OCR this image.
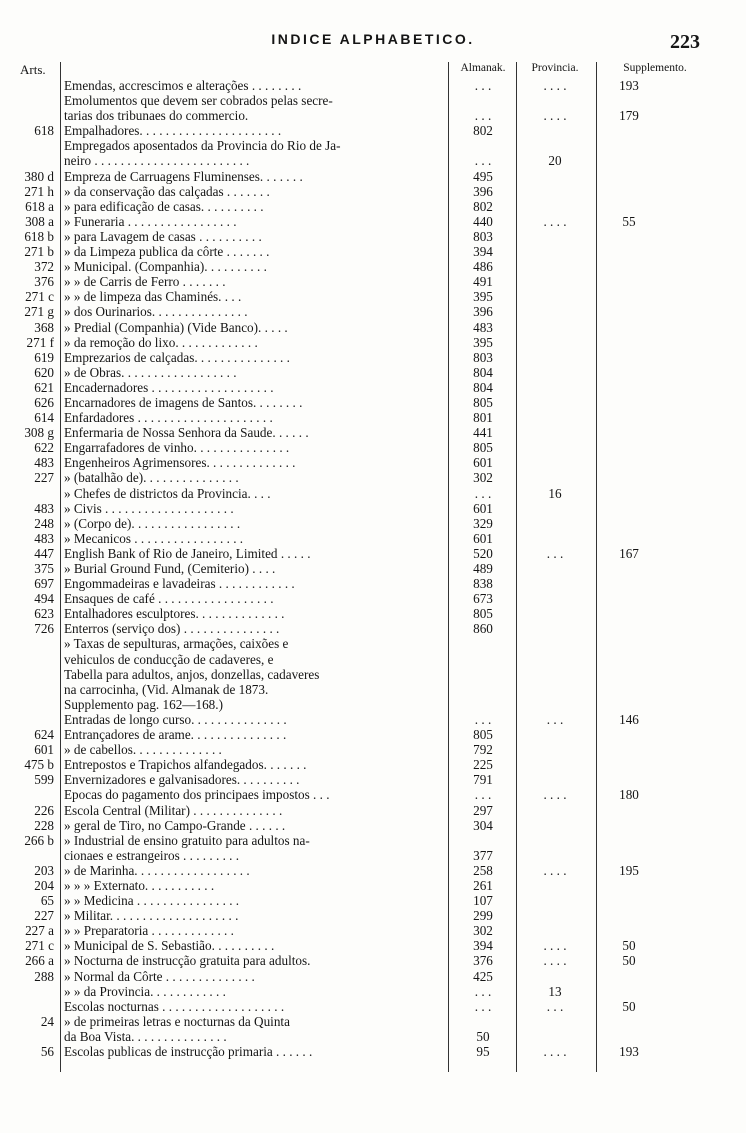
INDICE ALPHABETICO.	223
Arts.	Almanak.	Provincia.	Supplemento.
Emendas, accrescimos e alterações . . . . . . . .	. . .	. . . .	193
Emolumentos que devem ser cobrados pelas secre-
tarias dos tribunaes do commercio.	. . .	. . . .	179
618 Empalhadores. . . . . . . . . . . . . . . . . . . . . .	802
Empregados aposentados da Provincia do Rio de Ja-
neiro . . . . . . . . . . . . . . . . . . . . . . . .	. . .	20
380 d Empreza de Carruagens Fluminenses. . . . . . .	495
271 h » da conservação das calçadas . . . . . . .	396
618 a » para edificação de casas. . . . . . . . . .	802
308 a » Funeraria . . . . . . . . . . . . . . . . .	440	. . . .	55
618 b » para Lavagem de casas . . . . . . . . . .	803
271 b » da Limpeza publica da côrte . . . . . . .	394
372 » Municipal. (Companhia). . . . . . . . . .	486
376 » » de Carris de Ferro . . . . . . .	491
271 c » » de limpeza das Chaminés. . . .	395
271 g » dos Ourinarios. . . . . . . . . . . . . . .	396
368 » Predial (Companhia) (Vide Banco). . . . .	483
271 f » da remoção do lixo. . . . . . . . . . . . .	395
619 Emprezarios de calçadas. . . . . . . . . . . . . . .	803
620 » de Obras. . . . . . . . . . . . . . . . . .	804
621 Encadernadores . . . . . . . . . . . . . . . . . . .	804
626 Encarnadores de imagens de Santos. . . . . . . .	805
614 Enfardadores . . . . . . . . . . . . . . . . . . . . .	801
308 g Enfermaria de Nossa Senhora da Saude. . . . . .	441
622 Engarrafadores de vinho. . . . . . . . . . . . . . .	805
483 Engenheiros Agrimensores. . . . . . . . . . . . . .	601
227 » (batalhão de). . . . . . . . . . . . . . .	302
» Chefes de districtos da Provincia. . . .	. . .	16
483 » Civis . . . . . . . . . . . . . . . . . . . .	601
248 » (Corpo de). . . . . . . . . . . . . . . . .	329
483 » Mecanicos . . . . . . . . . . . . . . . . .	601
447 English Bank of Rio de Janeiro, Limited . . . . .	520	. . .	167
375 » Burial Ground Fund, (Cemiterio) . . . .	489
697 Engommadeiras e lavadeiras . . . . . . . . . . . .	838
494 Ensaques de café . . . . . . . . . . . . . . . . . .	673
623 Entalhadores esculptores. . . . . . . . . . . . . .	805
726 Enterros (serviço dos) . . . . . . . . . . . . . . .	860
» Taxas de sepulturas, armações, caixões e
vehiculos de conducção de cadaveres, e
Tabella para adultos, anjos, donzellas, cadaveres
na carrocinha, (Vid. Almanak de 1873.
Supplemento pag. 162—168.)
Entradas de longo curso. . . . . . . . . . . . . . .	. . .	. . .	146
624 Entrançadores de arame. . . . . . . . . . . . . . .	805
601 » de cabellos. . . . . . . . . . . . . .	792
475 b Entrepostos e Trapichos alfandegados. . . . . . .	225
599 Envernizadores e galvanisadores. . . . . . . . . .	791
Epocas do pagamento dos principaes impostos . . .	. . .	. . . .	180
226 Escola Central (Militar) . . . . . . . . . . . . . .	297
228 » geral de Tiro, no Campo-Grande . . . . . .	304
266 b » Industrial de ensino gratuito para adultos na-
cionaes e estrangeiros . . . . . . . . .	377
203 » de Marinha. . . . . . . . . . . . . . . . . .	258	. . . .	195
204 » » » Externato. . . . . . . . . . .	261
65 » » Medicina . . . . . . . . . . . . . . . .	107
227 » Militar. . . . . . . . . . . . . . . . . . . .	299
227 a » » Preparatoria . . . . . . . . . . . . .	302
271 c » Municipal de S. Sebastião. . . . . . . . . .	394	. . . .	50
266 a » Nocturna de instrucção gratuita para adultos.	376	. . . .	50
288 » Normal da Côrte . . . . . . . . . . . . . .	425
» » da Provincia. . . . . . . . . . . .	. . .	13
Escolas nocturnas . . . . . . . . . . . . . . . . . . .	. . .	. . .	50
24 » de primeiras letras e nocturnas da Quinta
da Boa Vista. . . . . . . . . . . . . . .	50
56 Escolas publicas de instrucção primaria . . . . . .	95	. . . .	193
